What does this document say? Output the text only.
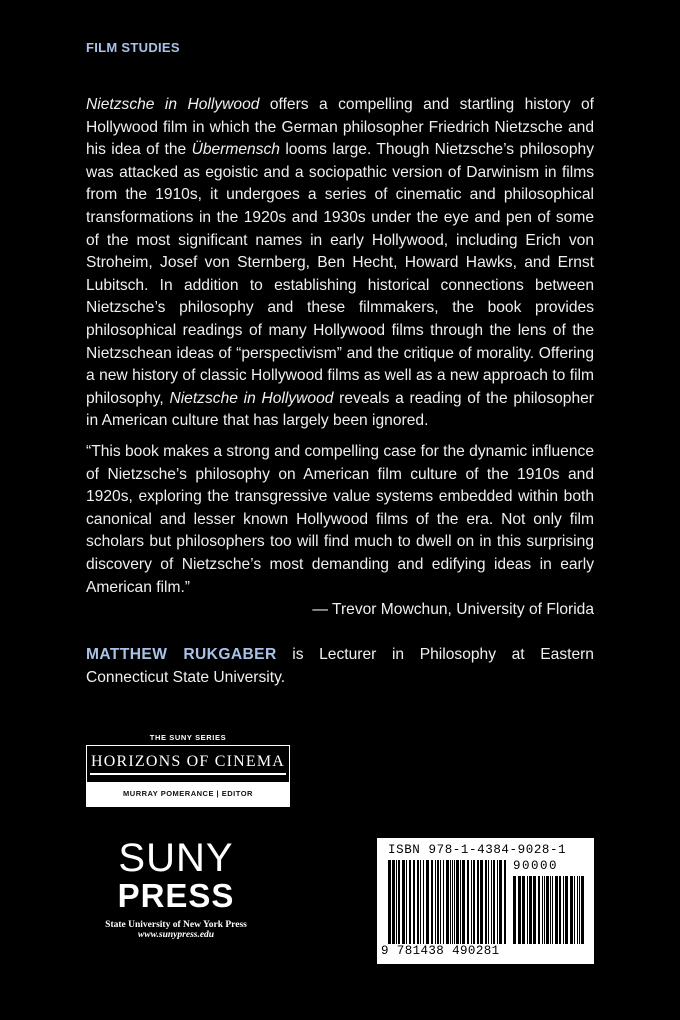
FILM STUDIES

Nietzsche in Hollywood offers a compelling and startling history of Hollywood film in which the German philosopher Friedrich Nietzsche and his idea of the Übermensch looms large. Though Nietzsche’s philosophy was attacked as egoistic and a sociopathic version of Darwinism in films from the 1910s, it undergoes a series of cinematic and philosophical transformations in the 1920s and 1930s under the eye and pen of some of the most significant names in early Hollywood, including Erich von Stroheim, Josef von Sternberg, Ben Hecht, Howard Hawks, and Ernst Lubitsch. In addition to establishing historical connections between Nietzsche’s philosophy and these filmmakers, the book provides philosophical readings of many Hollywood films through the lens of the Nietzschean ideas of “perspectivism” and the critique of morality. Offering a new history of classic Hollywood films as well as a new approach to film philosophy, Nietzsche in Hollywood reveals a reading of the philosopher in American culture that has largely been ignored.

“This book makes a strong and compelling case for the dynamic influence of Nietzsche’s philosophy on American film culture of the 1910s and 1920s, exploring the transgressive value systems embedded within both canonical and lesser known Hollywood films of the era. Not only film scholars but philosophers too will find much to dwell on in this surprising discovery of Nietzsche’s most demanding and edifying ideas in early American film.”

— Trevor Mowchun, University of Florida

MATTHEW RUKGABER is Lecturer in Philosophy at Eastern Connecticut State University.

THE SUNY SERIES
HORIZONS OF CINEMA
MURRAY POMERANCE | EDITOR
SUNY
PRESS
State University of New York Press
www.sunypress.edu
ISBN 978-1-4384-9028-1
90000
9 781438 490281
